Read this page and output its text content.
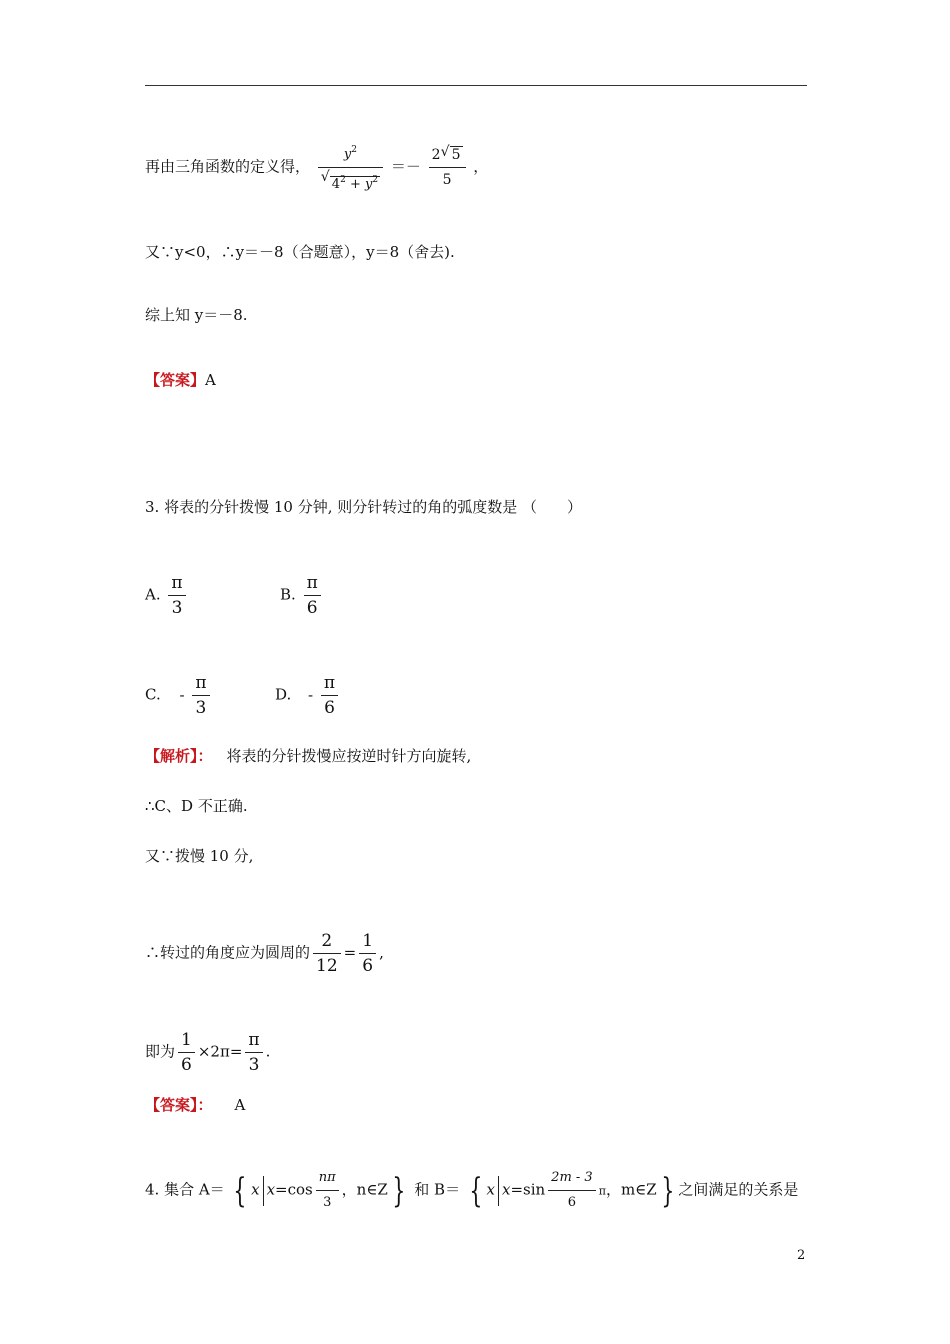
再由三角函数的定义得， $\frac{y^2}{√ 4^2 + y^2} =- \frac{2 √ 5}{5}$ ，
又∵y<0，∴y＝－8（合题意），y＝8（舍去).
综上知 y＝－8.
【答案】A
3. 将表的分针拨慢 10 分钟, 则分针转过的角的弧度数是 （　　）
A. $\frac{\pi}{3}$	B. $\frac{\pi}{6}$
C. - $\frac{\pi}{3}$	D. - $\frac{\pi}{6}$
【解析】： 将表的分针拨慢应按逆时针方向旋转,
∴C、D 不正确.
又∵拨慢 10 分,
∴转过的角度应为圆周的 $\frac{2}{12} = \frac{1}{6}$ ,
即为 $\frac{1}{6} \times 2\pi= \frac{\pi}{3}$ .
【答案】： A
4. 集合 A＝ { x $x=\cos \frac{n\pi}{3}$ ，n∈Z } 和 B＝ { x $x=\sin \frac{2m - 3}{6}$ π，m∈Z } 之间满足的关系是
2
